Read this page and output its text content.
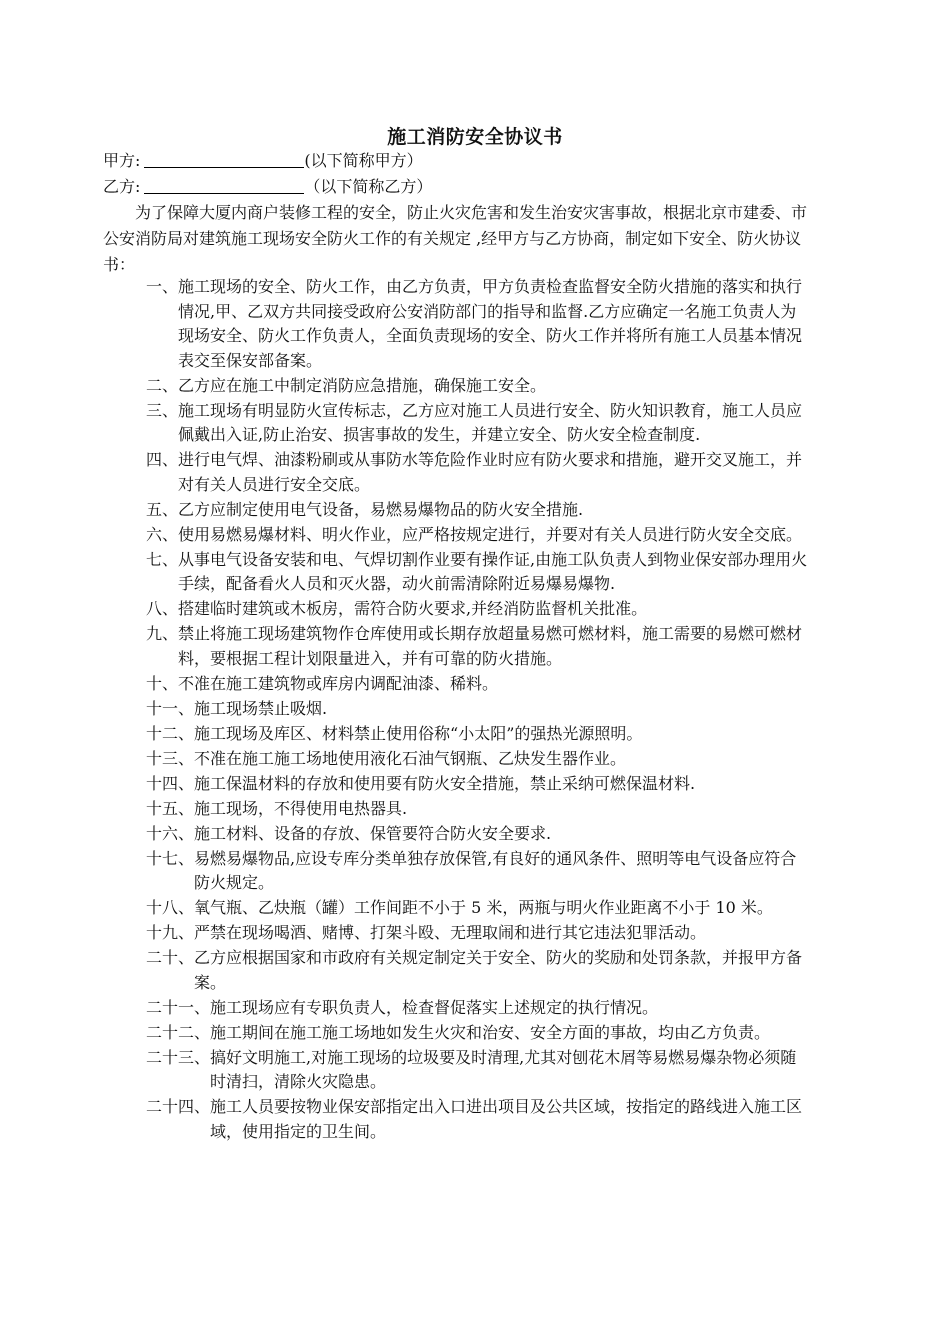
施工消防安全协议书
甲方:	(以下简称甲方）
乙方:	（以下简称乙方）
为了保障大厦内商户装修工程的安全，防止火灾危害和发生治安灾害事故，根据北京市建委、市公安消防局对建筑施工现场安全防火工作的有关规定 ,经甲方与乙方协商，制定如下安全、防火协议书：
一、 施工现场的安全、防火工作，由乙方负责，甲方负责检查监督安全防火措施的落实和执行情况,甲、乙双方共同接受政府公安消防部门的指导和监督.乙方应确定一名施工负责人为现场安全、防火工作负责人，全面负责现场的安全、防火工作并将所有施工人员基本情况表交至保安部备案。
二、 乙方应在施工中制定消防应急措施，确保施工安全。
三、 施工现场有明显防火宣传标志，乙方应对施工人员进行安全、防火知识教育，施工人员应佩戴出入证,防止治安、损害事故的发生，并建立安全、防火安全检查制度.
四、 进行电气焊、油漆粉刷或从事防水等危险作业时应有防火要求和措施，避开交叉施工，并对有关人员进行安全交底。
五、 乙方应制定使用电气设备，易燃易爆物品的防火安全措施.
六、 使用易燃易爆材料、明火作业，应严格按规定进行，并要对有关人员进行防火安全交底。
七、 从事电气设备安装和电、气焊切割作业要有操作证,由施工队负责人到物业保安部办理用火手续，配备看火人员和灭火器，动火前需清除附近易爆易爆物.
八、 搭建临时建筑或木板房，需符合防火要求,并经消防监督机关批准。
九、 禁止将施工现场建筑物作仓库使用或长期存放超量易燃可燃材料，施工需要的易燃可燃材料，要根据工程计划限量进入，并有可靠的防火措施。
十、 不准在施工建筑物或库房内调配油漆、稀料。
十一、 施工现场禁止吸烟.
十二、 施工现场及库区、材料禁止使用俗称“小太阳”的强热光源照明。
十三、 不准在施工施工场地使用液化石油气钢瓶、乙炔发生器作业。
十四、 施工保温材料的存放和使用要有防火安全措施，禁止采纳可燃保温材料.
十五、 施工现场，不得使用电热器具.
十六、 施工材料、设备的存放、保管要符合防火安全要求.
十七、 易燃易爆物品,应设专库分类单独存放保管,有良好的通风条件、照明等电气设备应符合防火规定。
十八、 氧气瓶、乙炔瓶（罐）工作间距不小于 5 米，两瓶与明火作业距离不小于 10 米。
十九、 严禁在现场喝酒、赌博、打架斗殴、无理取闹和进行其它违法犯罪活动。
二十、 乙方应根据国家和市政府有关规定制定关于安全、防火的奖励和处罚条款，并报甲方备案。
二十一、 施工现场应有专职负责人，检查督促落实上述规定的执行情况。
二十二、 施工期间在施工施工场地如发生火灾和治安、安全方面的事故，均由乙方负责。
二十三、 搞好文明施工,对施工现场的垃圾要及时清理,尤其对刨花木屑等易燃易爆杂物必须随时清扫，清除火灾隐患。
二十四、 施工人员要按物业保安部指定出入口进出项目及公共区域，按指定的路线进入施工区域，使用指定的卫生间。
